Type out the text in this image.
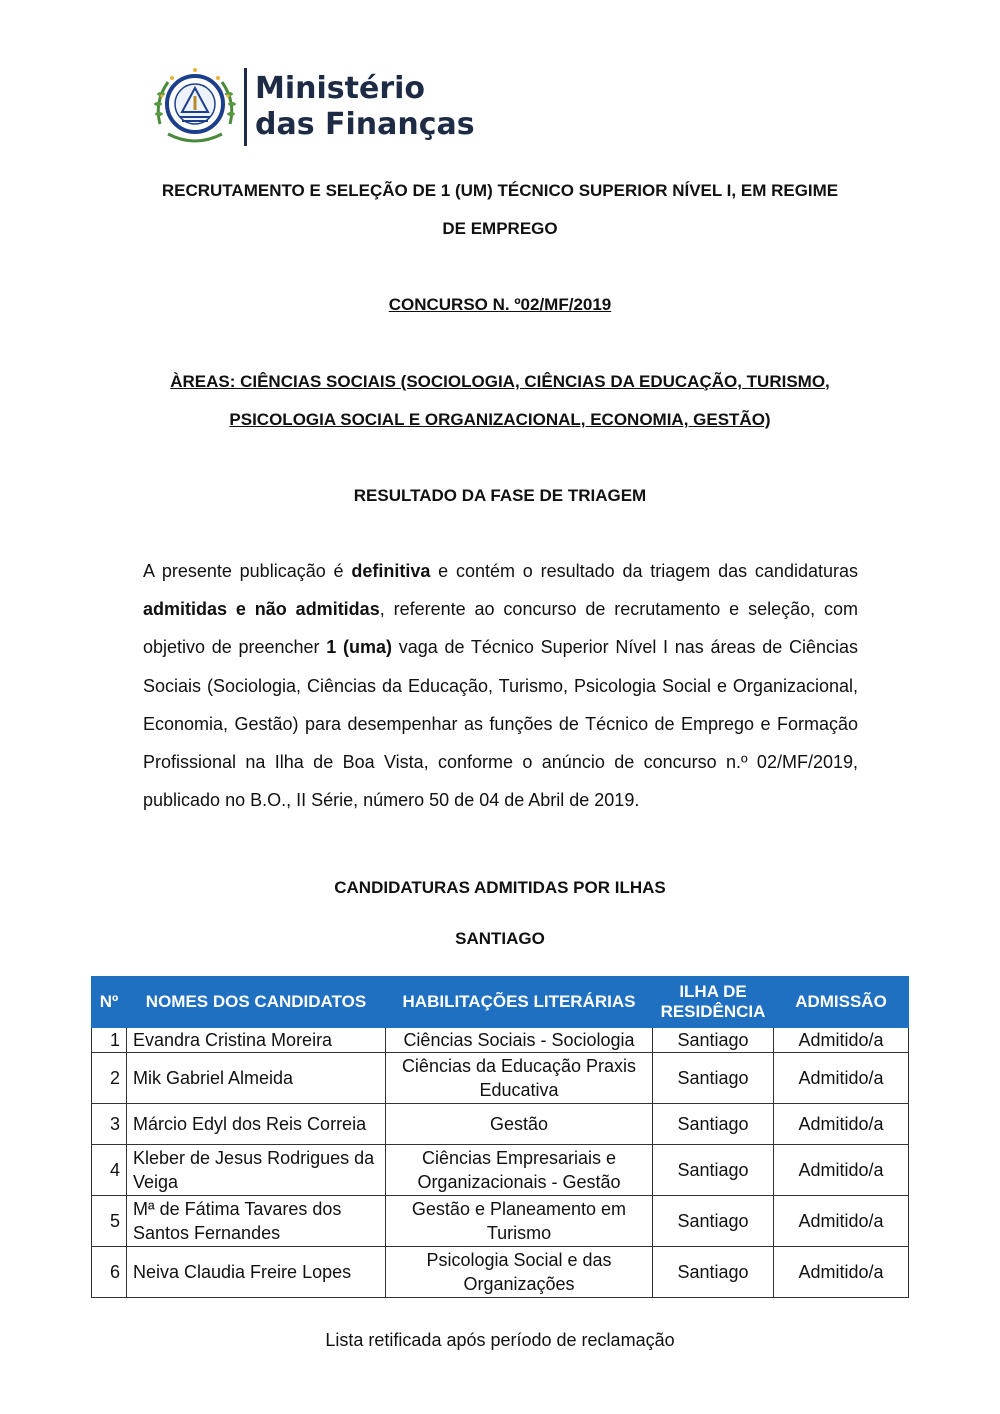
Ministério
das Finanças
RECRUTAMENTO E SELEÇÃO DE 1 (UM) TÉCNICO SUPERIOR NÍVEL I, EM REGIME
DE EMPREGO
CONCURSO N. º02/MF/2019
ÀREAS: CIÊNCIAS SOCIAIS (SOCIOLOGIA, CIÊNCIAS DA EDUCAÇÃO, TURISMO,
PSICOLOGIA SOCIAL E ORGANIZACIONAL, ECONOMIA, GESTÃO)
RESULTADO DA FASE DE TRIAGEM
A presente publicação é definitiva e contém o resultado da triagem das candidaturas admitidas e não admitidas, referente ao concurso de recrutamento e seleção, com objetivo de preencher 1 (uma) vaga de Técnico Superior Nível I nas áreas de Ciências Sociais (Sociologia, Ciências da Educação, Turismo, Psicologia Social e Organizacional, Economia, Gestão) para desempenhar as funções de Técnico de Emprego e Formação Profissional na Ilha de Boa Vista, conforme o anúncio de concurso n.º 02/MF/2019, publicado no B.O., II Série, número 50 de 04 de Abril de 2019.
CANDIDATURAS ADMITIDAS POR ILHAS
SANTIAGO
Nº	NOMES DOS CANDIDATOS	HABILITAÇÕES LITERÁRIAS	ILHA DE RESIDÊNCIA	ADMISSÃO
1	Evandra Cristina Moreira	Ciências Sociais - Sociologia	Santiago	Admitido/a
2	Mik Gabriel Almeida	Ciências da Educação Praxis Educativa	Santiago	Admitido/a
3	Márcio Edyl dos Reis Correia	Gestão	Santiago	Admitido/a
4	Kleber de Jesus Rodrigues da Veiga	Ciências Empresariais e Organizacionais - Gestão	Santiago	Admitido/a
5	Mª de Fátima Tavares dos Santos Fernandes	Gestão e Planeamento em Turismo	Santiago	Admitido/a
6	Neiva Claudia Freire Lopes	Psicologia Social e das Organizações	Santiago	Admitido/a
Lista retificada após período de reclamação
